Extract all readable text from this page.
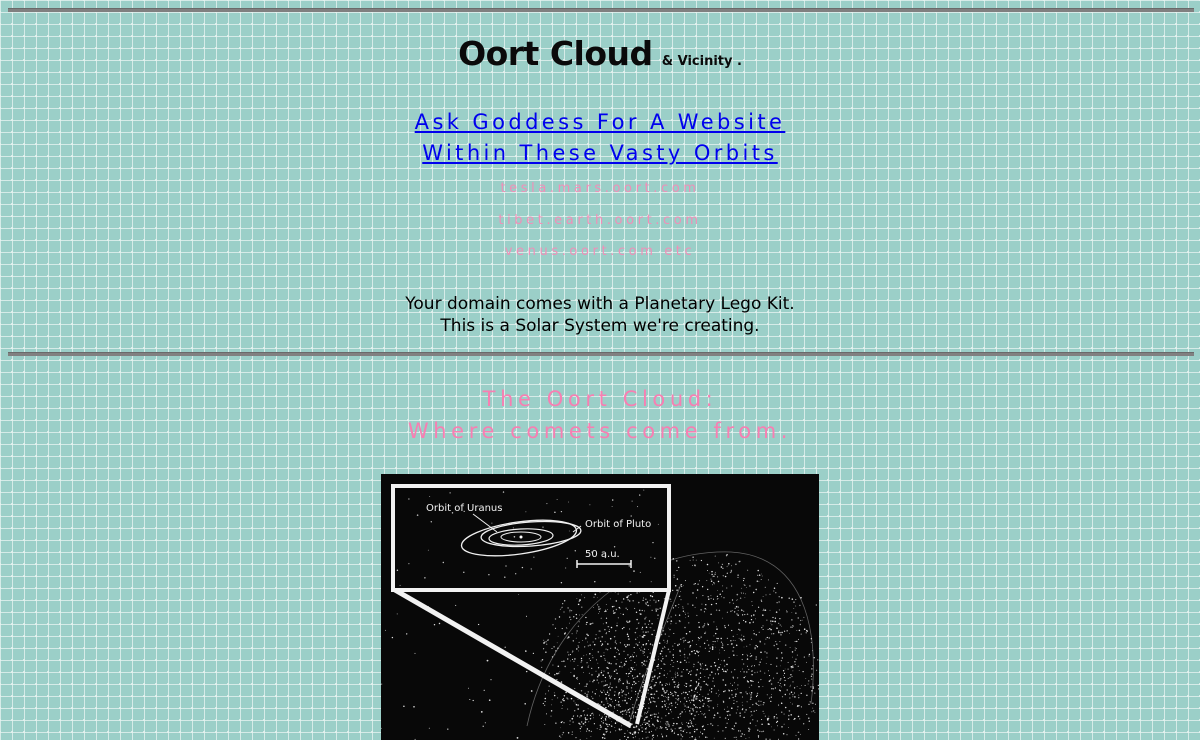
Oort Cloud & Vicinity .
Ask Goddess For A Website
Within These Vasty Orbits
tesla.mars.oort.com
tibet.earth.oort.com
venus.oort.com etc
Your domain comes with a Planetary Lego Kit.
This is a Solar System we're creating.
The Oort Cloud:
Where comets come from.
Orbit of Uranus
Orbit of Pluto
50 a.u.
